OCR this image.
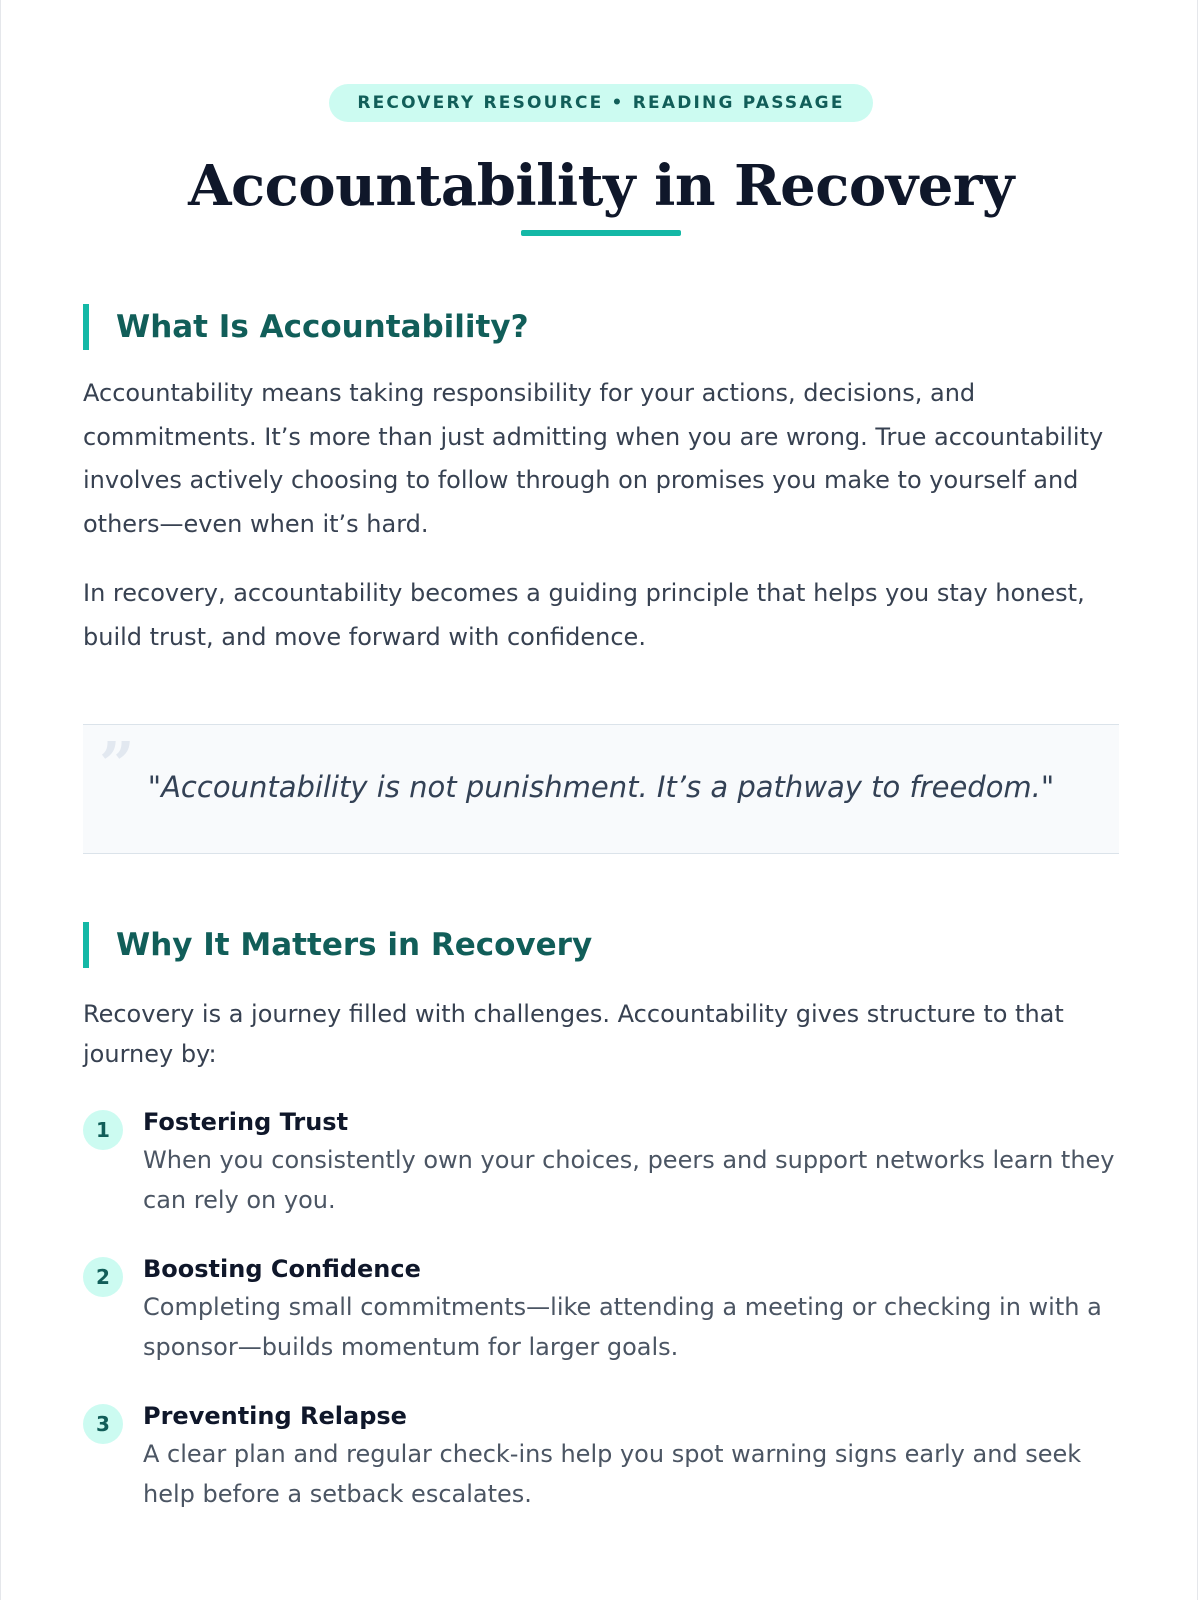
RECOVERY RESOURCE • READING PASSAGE
Accountability in Recovery
What Is Accountability?

Accountability means taking responsibility for your actions, decisions, and commitments. It’s more than just admitting when you are wrong. True accountability involves actively choosing to follow through on promises you make to yourself and others—even when it’s hard.

In recovery, accountability becomes a guiding principle that helps you stay honest, build trust, and move forward with confidence.

” "Accountability is not punishment. It’s a pathway to freedom."

Why It Matters in Recovery

Recovery is a journey filled with challenges. Accountability gives structure to that journey by:

1	Fostering Trust

When you consistently own your choices, peers and support networks learn they can rely on you.

2	Boosting Confidence

Completing small commitments—like attending a meeting or checking in with a sponsor—builds momentum for larger goals.

3	Preventing Relapse

A clear plan and regular check-ins help you spot warning signs early and seek help before a setback escalates.
